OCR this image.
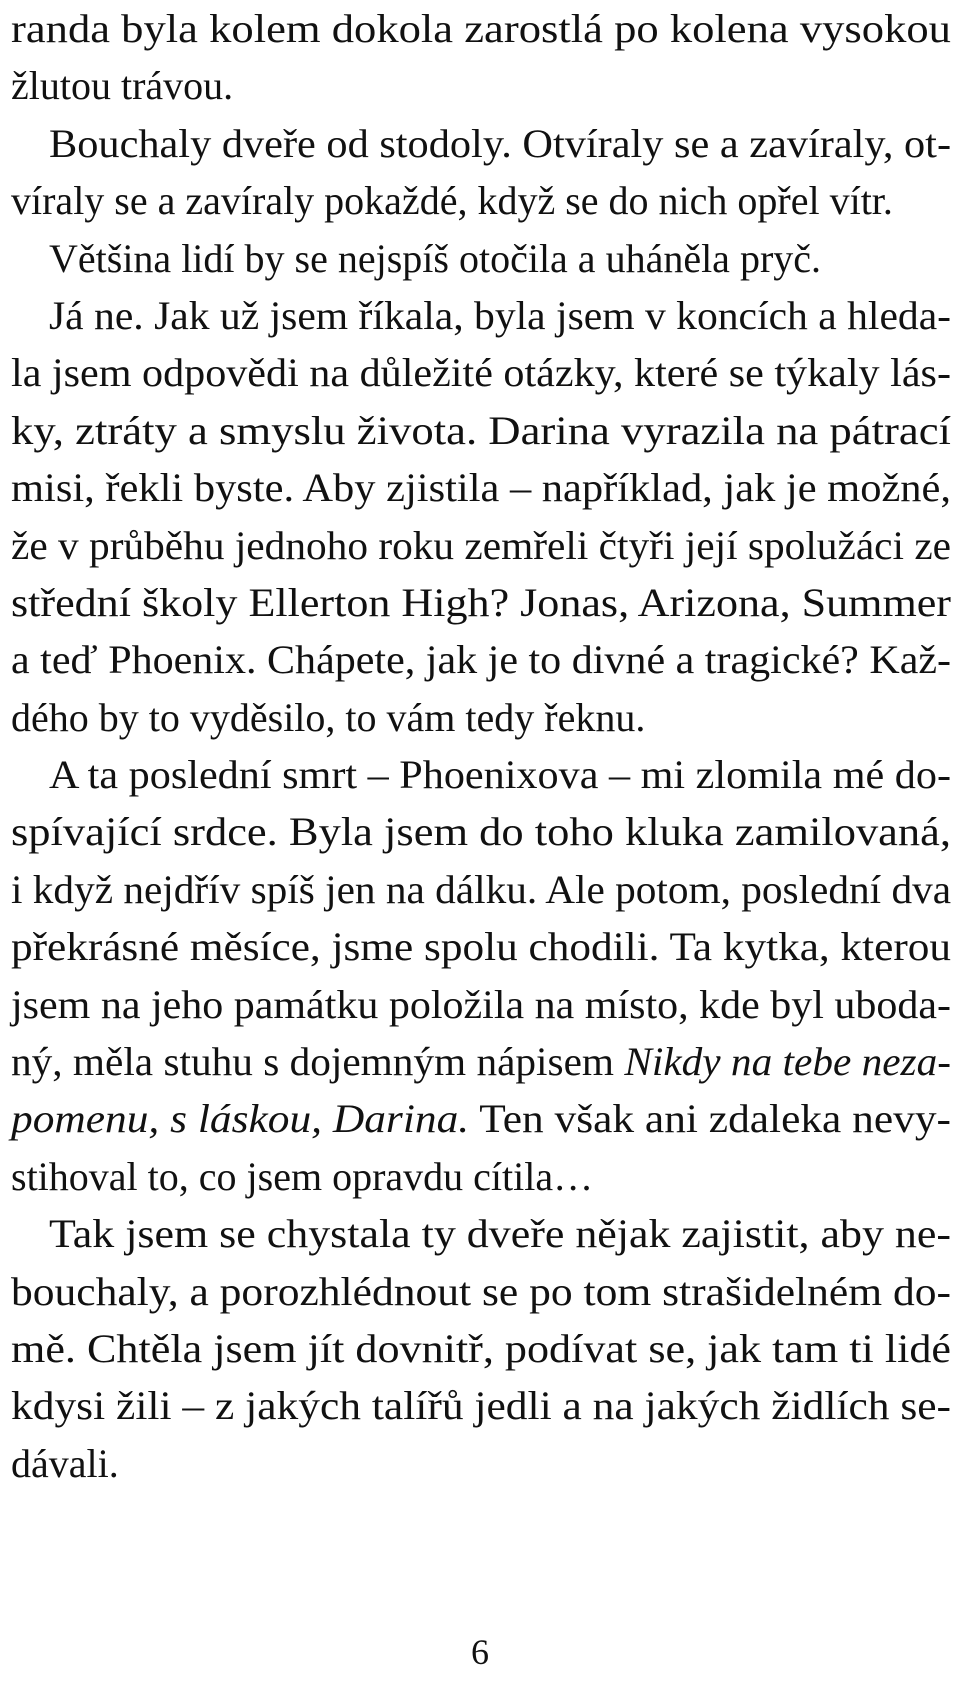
randa byla kolem dokola zarostlá po kolena vysokou
žlutou trávou.
Bouchaly dveře od stodoly. Otvíraly se a zavíraly, ot-
víraly se a zavíraly pokaždé, když se do nich opřel vítr.
Většina lidí by se nejspíš otočila a uháněla pryč.
Já ne. Jak už jsem říkala, byla jsem v koncích a hleda-
la jsem odpovědi na důležité otázky, které se týkaly lás-
ky, ztráty a smyslu života. Darina vyrazila na pátrací
misi, řekli byste. Aby zjistila – například, jak je možné,
že v průběhu jednoho roku zemřeli čtyři její spolužáci ze
střední školy Ellerton High? Jonas, Arizona, Summer
a teď Phoenix. Chápete, jak je to divné a tragické? Kaž-
dého by to vyděsilo, to vám tedy řeknu.
A ta poslední smrt – Phoenixova – mi zlomila mé do-
spívající srdce. Byla jsem do toho kluka zamilovaná,
i když nejdřív spíš jen na dálku. Ale potom, poslední dva
překrásné měsíce, jsme spolu chodili. Ta kytka, kterou
jsem na jeho památku položila na místo, kde byl uboda-
ný, měla stuhu s dojemným nápisem Nikdy na tebe neza-
pomenu, s láskou, Darina. Ten však ani zdaleka nevy-
stihoval to, co jsem opravdu cítila…
Tak jsem se chystala ty dveře nějak zajistit, aby ne-
bouchaly, a porozhlédnout se po tom strašidelném do-
mě. Chtěla jsem jít dovnitř, podívat se, jak tam ti lidé
kdysi žili – z jakých talířů jedli a na jakých židlích se-
dávali.
6
